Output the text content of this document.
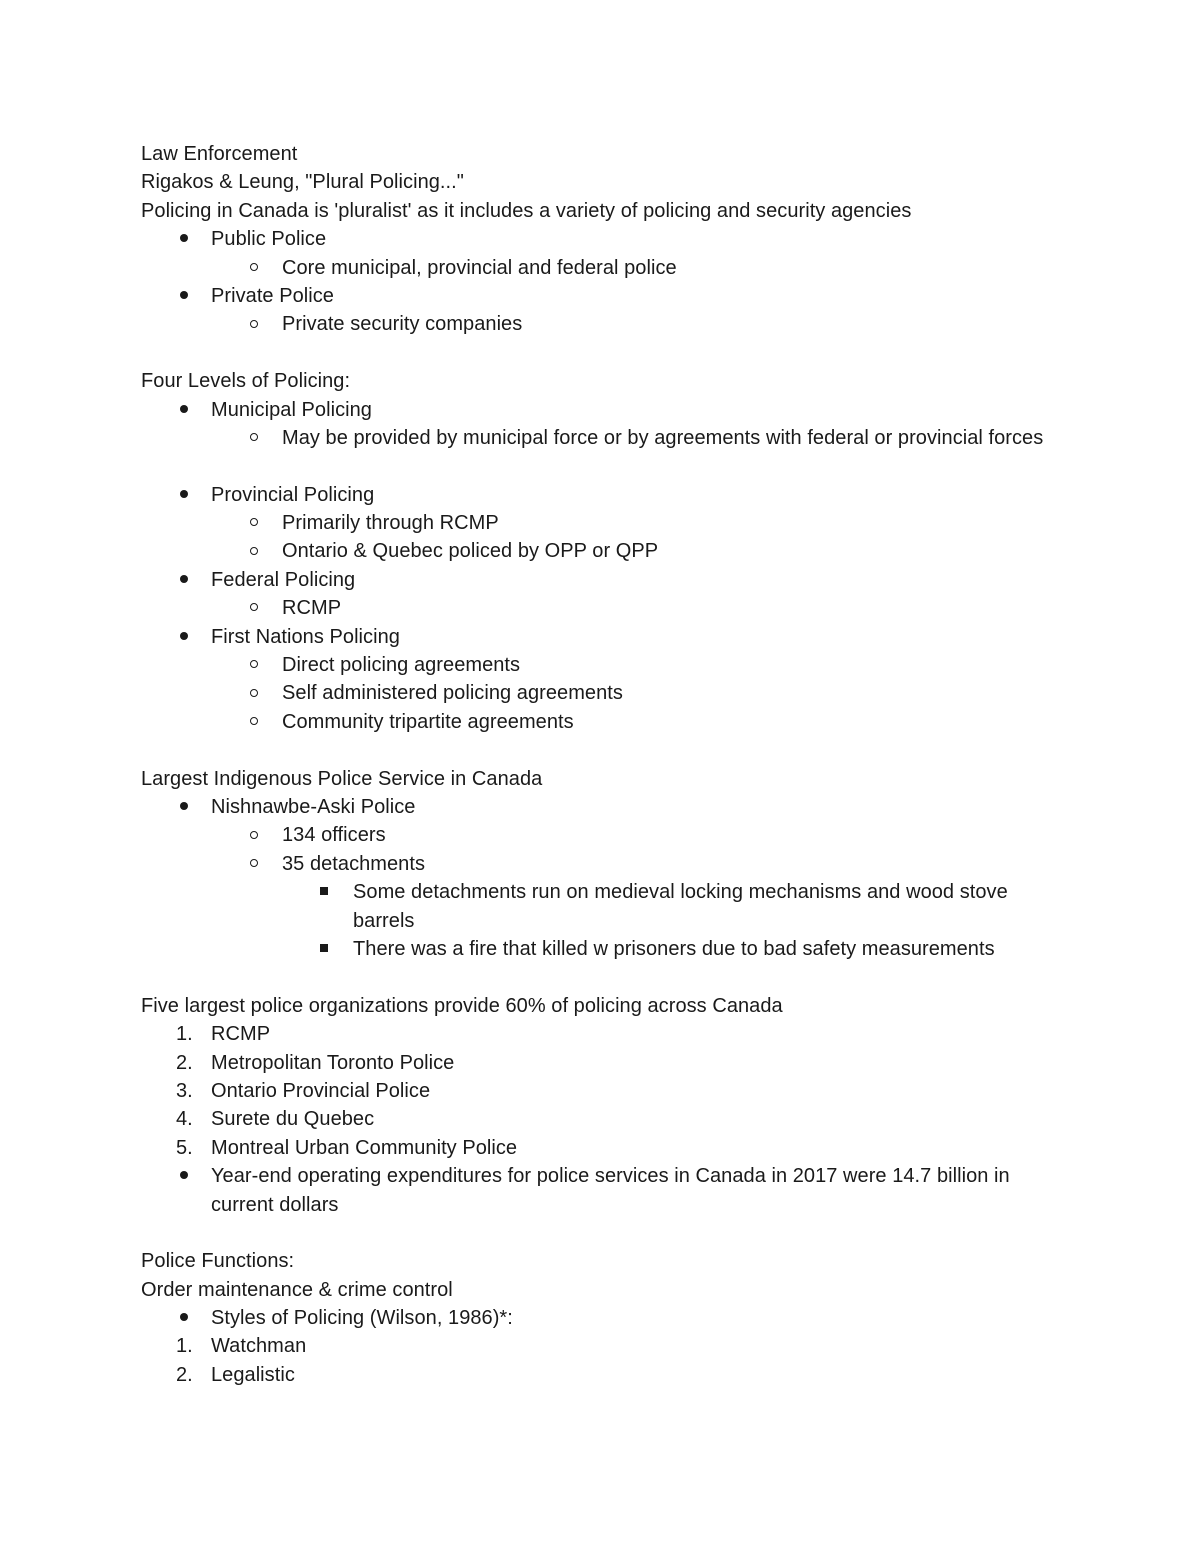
Law Enforcement
Rigakos & Leung, "Plural Policing..."
Policing in Canada is 'pluralist' as it includes a variety of policing and security agencies
Public Police
Core municipal, provincial and federal police
Private Police
Private security companies
Four Levels of Policing:
Municipal Policing
May be provided by municipal force or by agreements with federal or provincial forces
Provincial Policing
Primarily through RCMP
Ontario & Quebec policed by OPP or QPP
Federal Policing
RCMP
First Nations Policing
Direct policing agreements
Self administered policing agreements
Community tripartite agreements
Largest Indigenous Police Service in Canada
Nishnawbe-Aski Police
134 officers
35 detachments
Some detachments run on medieval locking mechanisms and wood stove barrels
There was a fire that killed w prisoners due to bad safety measurements
Five largest police organizations provide 60% of policing across Canada
1. RCMP
2. Metropolitan Toronto Police
3. Ontario Provincial Police
4. Surete du Quebec
5. Montreal Urban Community Police
Year-end operating expenditures for police services in Canada in 2017 were 14.7 billion in current dollars
Police Functions:
Order maintenance & crime control
Styles of Policing (Wilson, 1986)*:
1. Watchman
2. Legalistic
